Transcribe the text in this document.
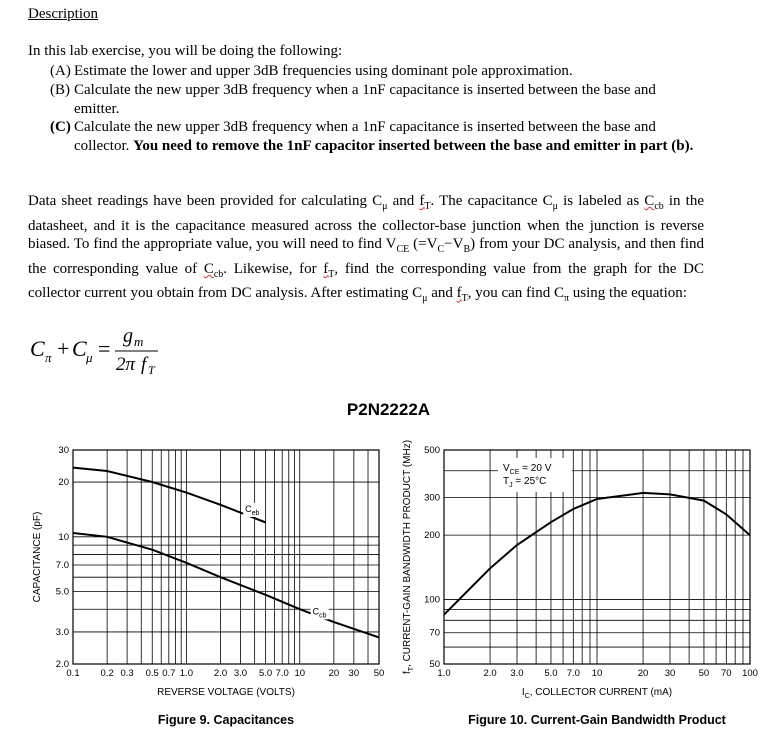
Description
In this lab exercise, you will be doing the following:
(A) Estimate the lower and upper 3dB frequencies using dominant pole approximation.
(B) Calculate the new upper 3dB frequency when a 1nF capacitance is inserted between the base and emitter.
(C) Calculate the new upper 3dB frequency when a 1nF capacitance is inserted between the base and collector. You need to remove the 1nF capacitor inserted between the base and emitter in part (b).
Data sheet readings have been provided for calculating $C_\mu$ and $f_T$. The capacitance $C_\mu$ is labeled as $C_{cb}$ in the datasheet, and it is the capacitance measured across the collector-base junction when the junction is reverse biased. To find the appropriate value, you will need to find $V_{CE}$ $(=V_C-V_B)$ from your DC analysis, and then find the corresponding value of $C_{cb}$. Likewise, for $f_T$, find the corresponding value from the graph for the DC collector current you obtain from DC analysis. After estimating $C_\mu$ and $f_T$, you can find $C_\pi$ using the equation:
C π + C μ = g m
2π f T
P2N2222A
0.1 0.2 0.3 0.5 0.7 1.0 2.0 3.0 5.0 7.0 10 20 30 50
2.0
3.0
5.0
7.0
10
20
30
$C_{eb}$
$C_{cb}$
REVERSE VOLTAGE (VOLTS)
CAPACITANCE (pF)
Figure 9. Capacitances
1.0	2.0 3.0 5.0 7.0 10	20 30 50 70 100
50
70
100
200
300
500
$V_{CE} = 20$ V
$T_J = 25^\circ C$
$I_C$, COLLECTOR CURRENT (mA)
$f_T$, CURRENT-GAIN BANDWIDTH PRODUCT (MHz)
Figure 10. Current-Gain Bandwidth Product
